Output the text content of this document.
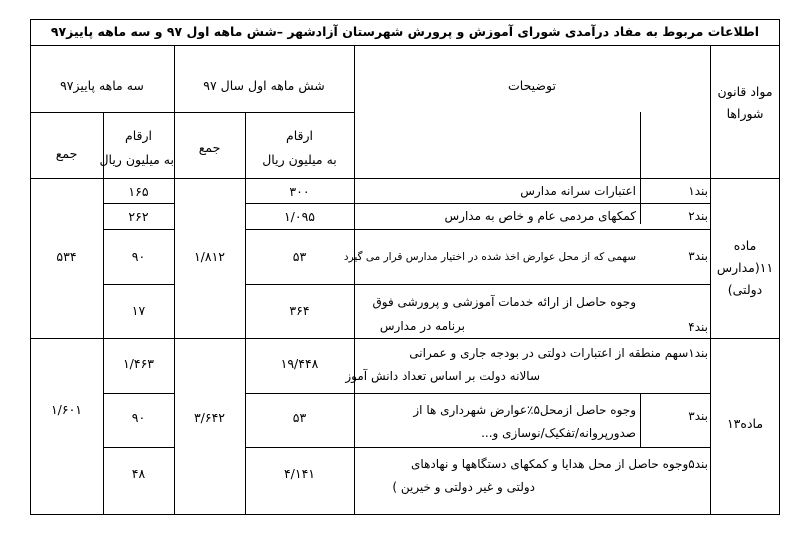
اطلاعات مربوط به مفاد درآمدی شورای آموزش و پرورش شهرستان آزادشهر –شش ماهه اول ۹۷ و سه ماهه پاییز۹۷
مواد قانون
شوراها
توضیحات
شش ماهه اول سال ۹۷
سه ماهه پاییز۹۷
ارقام
به میلیون ریال
جمع
ارقام
به میلیون ریال
جمع
ماده
۱۱(مدارس
دولتی)
بند۱
اعتبارات سرانه مدارس
۳۰۰
۱۶۵
بند۲
کمکهای مردمی عام و خاص به مدارس
۱/۰۹۵
۲۶۲
بند۳
سهمی که از محل عوارض اخذ شده در اختیار مدارس قرار می گیرد
۵۳
۹۰
بند۴
وجوه حاصل از ارائه خدمات آموزشی و پرورشی فوق
برنامه در مدارس
۳۶۴
۱۷
۱/۸۱۲
۵۳۴
ماده۱۳
بند۱سهم منطقه از اعتبارات دولتی در بودجه جاری و عمرانی
سالانه دولت بر اساس تعداد دانش آموز
۱۹/۴۴۸
۱/۴۶۳
بند۳
وجوه حاصل ازمحل۵٪عوارض شهرداری ها از
صدورپروانه/تفکیک/نوسازی و...
۵۳
۹۰
بند۵وجوه حاصل از محل هدایا و کمکهای دستگاهها و نهادهای
دولتی و غیر دولتی و خیرین )
۴/۱۴۱
۴۸
۳/۶۴۲
۱/۶۰۱
